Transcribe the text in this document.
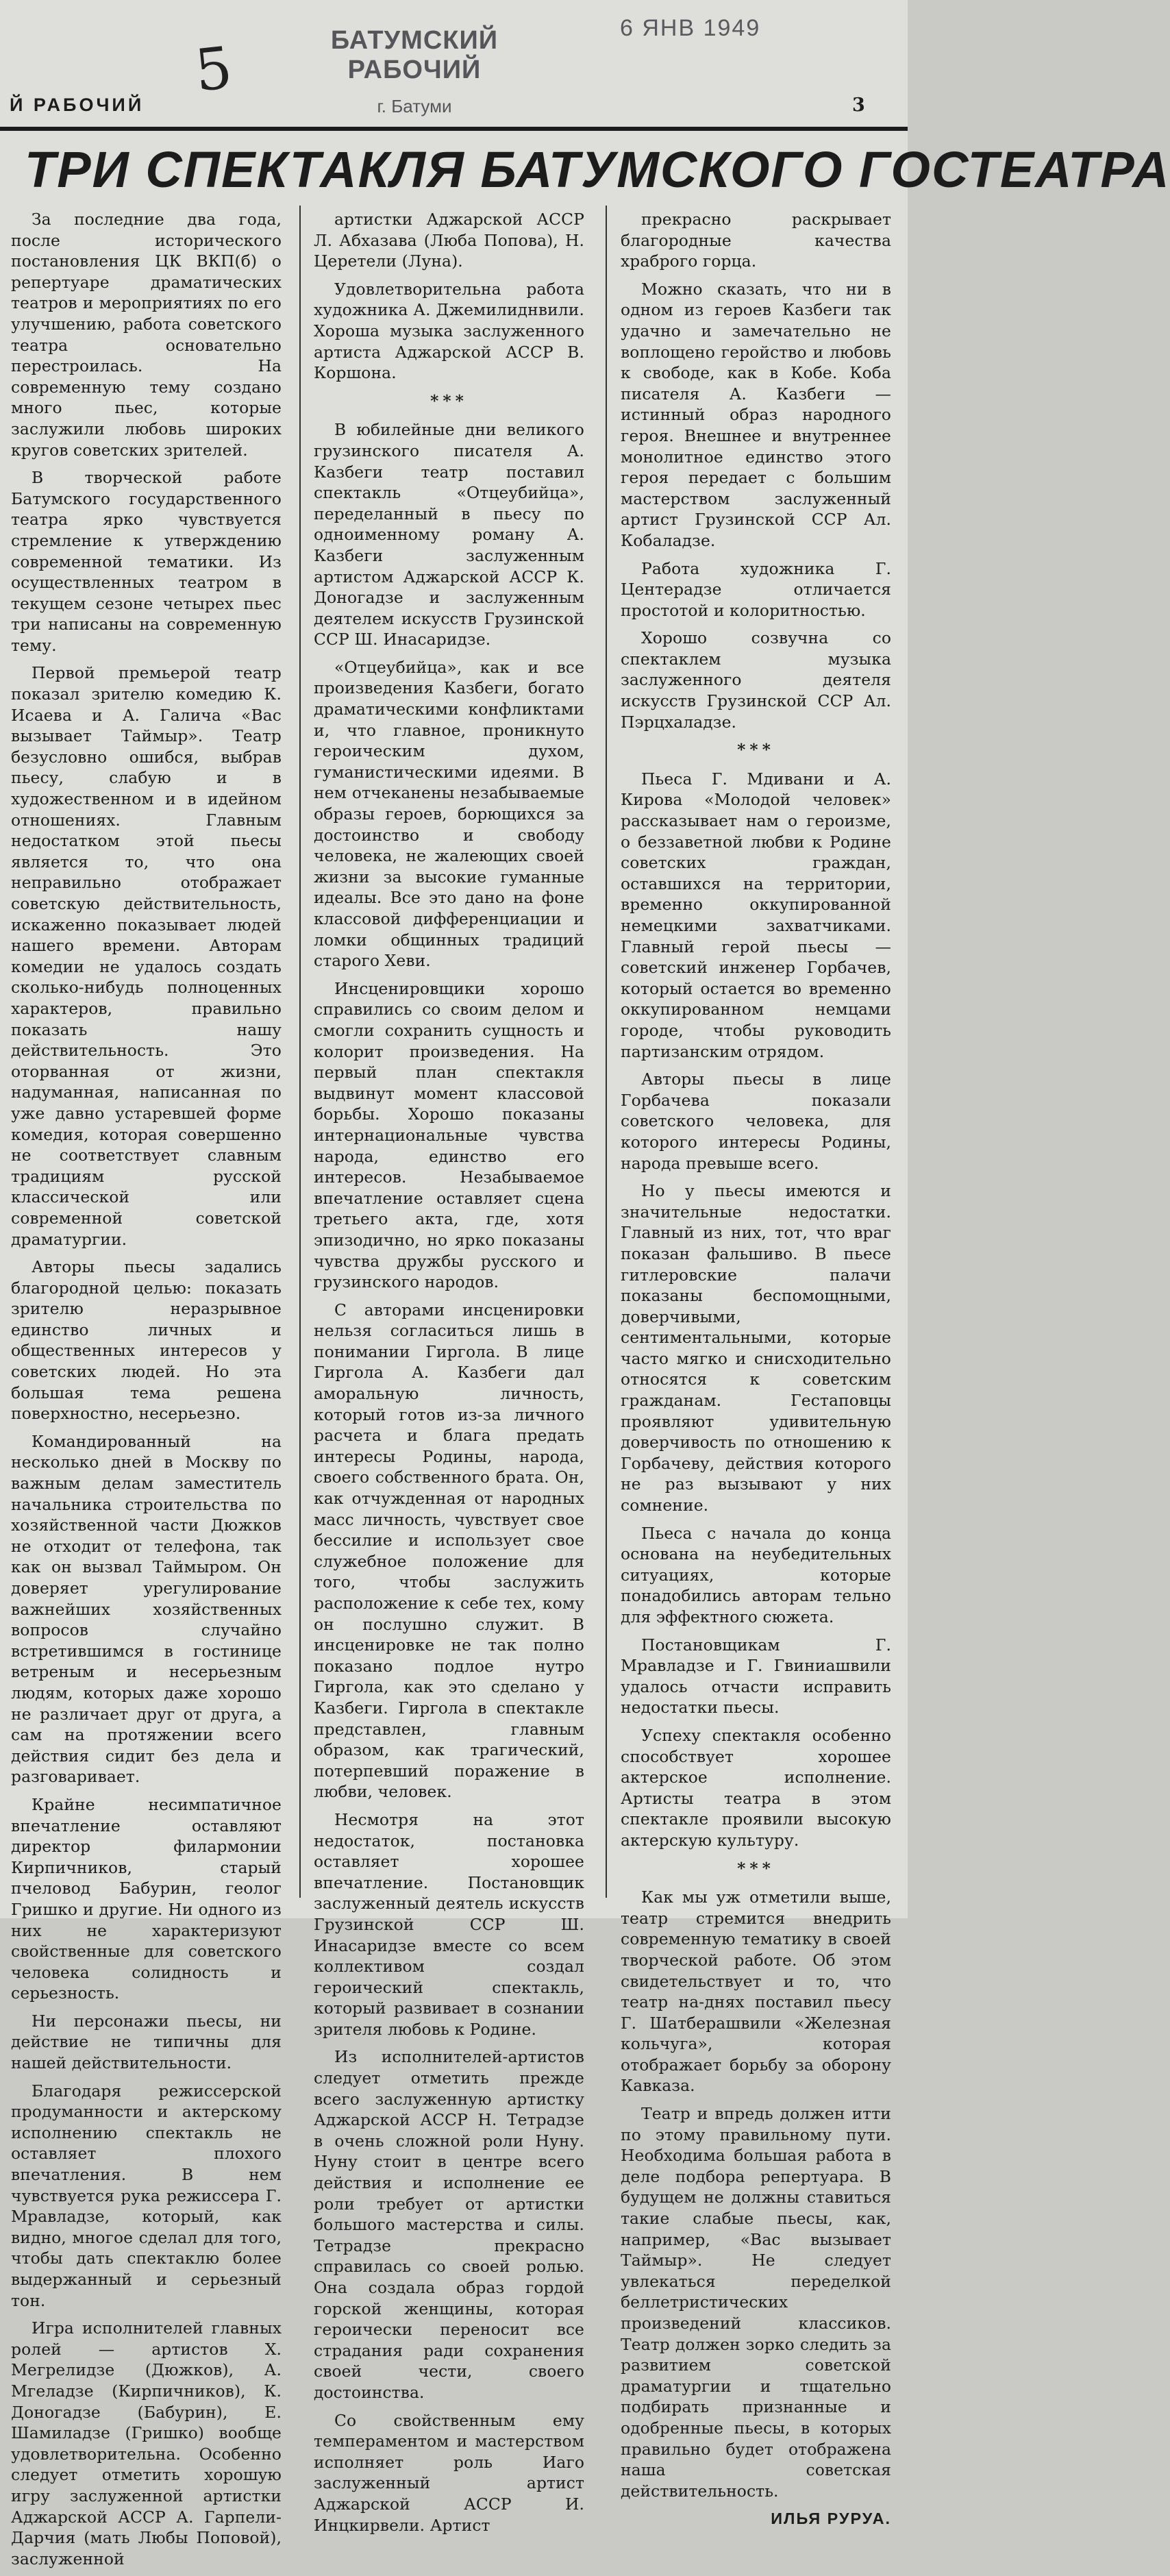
6 ЯНВ 1949
5	БАТУМСКИЙ РАБОЧИЙ
г. Батуми
Й РАБОЧИЙ	3
ТРИ СПЕКТАКЛЯ БАТУМСКОГО ГОСТЕАТРА

За последние два года, после исторического постановления ЦК ВКП(б) о репертуаре драматических театров и мероприятиях по его улучшению, работа советского театра основательно перестроилась. На современную тему создано много пьес, которые заслужили любовь широких кругов советских зрителей.

В творческой работе Батумского государственного театра ярко чувствуется стремление к утверждению современной тематики. Из осуществленных театром в текущем сезоне четырех пьес три написаны на современную тему.

Первой премьерой театр показал зрителю комедию К. Исаева и А. Галича «Вас вызывает Таймыр». Театр безусловно ошибся, выбрав пьесу, слабую и в художественном и в идейном отношениях. Главным недостатком этой пьесы является то, что она неправильно отображает советскую действительность, искаженно показывает людей нашего времени. Авторам комедии не удалось создать сколько-нибудь полноценных характеров, правильно показать нашу действительность. Это оторванная от жизни, надуманная, написанная по уже давно устаревшей форме комедия, которая совершенно не соответствует славным традициям русской классической или современной советской драматургии.

Авторы пьесы задались благородной целью: показать зрителю неразрывное единство личных и общественных интересов у советских людей. Но эта большая тема решена поверхностно, несерьезно.

Командированный на несколько дней в Москву по важным делам заместитель начальника строительства по хозяйственной части Дюжков не отходит от телефона, так как он вызвал Таймыром. Он доверяет урегулирование важнейших хозяйственных вопросов случайно встретившимся в гостинице ветреным и несерьезным людям, которых даже хорошо не различает друг от друга, а сам на протяжении всего действия сидит без дела и разговаривает.

Крайне несимпатичное впечатление оставляют директор филармонии Кирпичников, старый пчеловод Бабурин, геолог Гришко и другие. Ни одного из них не характеризуют свойственные для советского человека солидность и серьезность.

Ни персонажи пьесы, ни действие не типичны для нашей действительности.

Благодаря режиссерской продуманности и актерскому исполнению спектакль не оставляет плохого впечатления. В нем чувствуется рука режиссера Г. Мравладзе, который, как видно, многое сделал для того, чтобы дать спектаклю более выдержанный и серьезный тон.

Игра исполнителей главных ролей — артистов Х. Мегрелидзе (Дюжков), А. Мгеладзе (Кирпичников), К. Доногадзе (Бабурин), Е. Шамиладзе (Гришко) вообще удовлетворительна. Особенно следует отметить хорошую игру заслуженной артистки Аджарской АССР А. Гарпели-Дарчия (мать Любы Поповой), заслуженной

артистки Аджарской АССР Л. Абхазава (Люба Попова), Н. Церетели (Луна).

Удовлетворительна работа художника А. Джемилиднвили. Хороша музыка заслуженного артиста Аджарской АССР В. Коршона.

***

В юбилейные дни великого грузинского писателя А. Казбеги театр поставил спектакль «Отцеубийца», переделанный в пьесу по одноименному роману А. Казбеги заслуженным артистом Аджарской АССР К. Доногадзе и заслуженным деятелем искусств Грузинской ССР Ш. Инасаридзе.

«Отцеубийца», как и все произведения Казбеги, богато драматическими конфликтами и, что главное, проникнуто героическим духом, гуманистическими идеями. В нем отчеканены незабываемые образы героев, борющихся за достоинство и свободу человека, не жалеющих своей жизни за высокие гуманные идеалы. Все это дано на фоне классовой дифференциации и ломки общинных традиций старого Хеви.

Инсценировщики хорошо справились со своим делом и смогли сохранить сущность и колорит произведения. На первый план спектакля выдвинут момент классовой борьбы. Хорошо показаны интернациональные чувства народа, единство его интересов. Незабываемое впечатление оставляет сцена третьего акта, где, хотя эпизодично, но ярко показаны чувства дружбы русского и грузинского народов.

С авторами инсценировки нельзя согласиться лишь в понимании Гиргола. В лице Гиргола А. Казбеги дал аморальную личность, который готов из-за личного расчета и блага предать интересы Родины, народа, своего собственного брата. Он, как отчужденная от народных масс личность, чувствует свое бессилие и использует свое служебное положение для того, чтобы заслужить расположение к себе тех, кому он послушно служит. В инсценировке не так полно показано подлое нутро Гиргола, как это сделано у Казбеги. Гиргола в спектакле представлен, главным образом, как трагический, потерпевший поражение в любви, человек.

Несмотря на этот недостаток, постановка оставляет хорошее впечатление. Постановщик заслуженный деятель искусств Грузинской ССР Ш. Инасаридзе вместе со всем коллективом создал героический спектакль, который развивает в сознании зрителя любовь к Родине.

Из исполнителей-артистов следует отметить прежде всего заслуженную артистку Аджарской АССР Н. Тетрадзе в очень сложной роли Нуну. Нуну стоит в центре всего действия и исполнение ее роли требует от артистки большого мастерства и силы. Тетрадзе прекрасно справилась со своей ролью. Она создала образ гордой горской женщины, которая героически переносит все страдания ради сохранения своей чести, своего достоинства.

Со свойственным ему темпераментом и мастерством исполняет роль Иаго заслуженный артист Аджарской АССР И. Инцкирвели. Артист

прекрасно раскрывает благородные качества храброго горца.

Можно сказать, что ни в одном из героев Казбеги так удачно и замечательно не воплощено геройство и любовь к свободе, как в Кобе. Коба писателя А. Казбеги — истинный образ народного героя. Внешнее и внутреннее монолитное единство этого героя передает с большим мастерством заслуженный артист Грузинской ССР Ал. Кобаладзе.

Работа художника Г. Центерадзе отличается простотой и колоритностью.

Хорошо созвучна со спектаклем музыка заслуженного деятеля искусств Грузинской ССР Ал. Пэрцхаладзе.

***

Пьеса Г. Мдивани и А. Кирова «Молодой человек» рассказывает нам о героизме, о беззаветной любви к Родине советских граждан, оставшихся на территории, временно оккупированной немецкими захватчиками. Главный герой пьесы — советский инженер Горбачев, который остается во временно оккупированном немцами городе, чтобы руководить партизанским отрядом.

Авторы пьесы в лице Горбачева показали советского человека, для которого интересы Родины, народа превыше всего.

Но у пьесы имеются и значительные недостатки. Главный из них, тот, что враг показан фальшиво. В пьесе гитлеровские палачи показаны беспомощными, доверчивыми, сентиментальными, которые часто мягко и снисходительно относятся к советским гражданам. Гестаповцы проявляют удивительную доверчивость по отношению к Горбачеву, действия которого не раз вызывают у них сомнение.

Пьеса с начала до конца основана на неубедительных ситуациях, которые понадобились авторам тельно для эффектного сюжета.

Постановщикам Г. Мравладзе и Г. Гвиниашвили удалось отчасти исправить недостатки пьесы.

Успеху спектакля особенно способствует хорошее актерское исполнение. Артисты театра в этом спектакле проявили высокую актерскую культуру.

***

Как мы уж отметили выше, театр стремится внедрить современную тематику в своей творческой работе. Об этом свидетельствует и то, что театр на-днях поставил пьесу Г. Шатберашвили «Железная кольчуга», которая отображает борьбу за оборону Кавказа.

Театр и впредь должен итти по этому правильному пути. Необходима большая работа в деле подбора репертуара. В будущем не должны ставиться такие слабые пьесы, как, например, «Вас вызывает Таймыр». Не следует увлекаться переделкой беллетристических произведений классиков. Театр должен зорко следить за развитием советской драматургии и тщательно подбирать признанные и одобренные пьесы, в которых правильно будет отображена наша советская действительность.

ИЛЬЯ РУРУА.
